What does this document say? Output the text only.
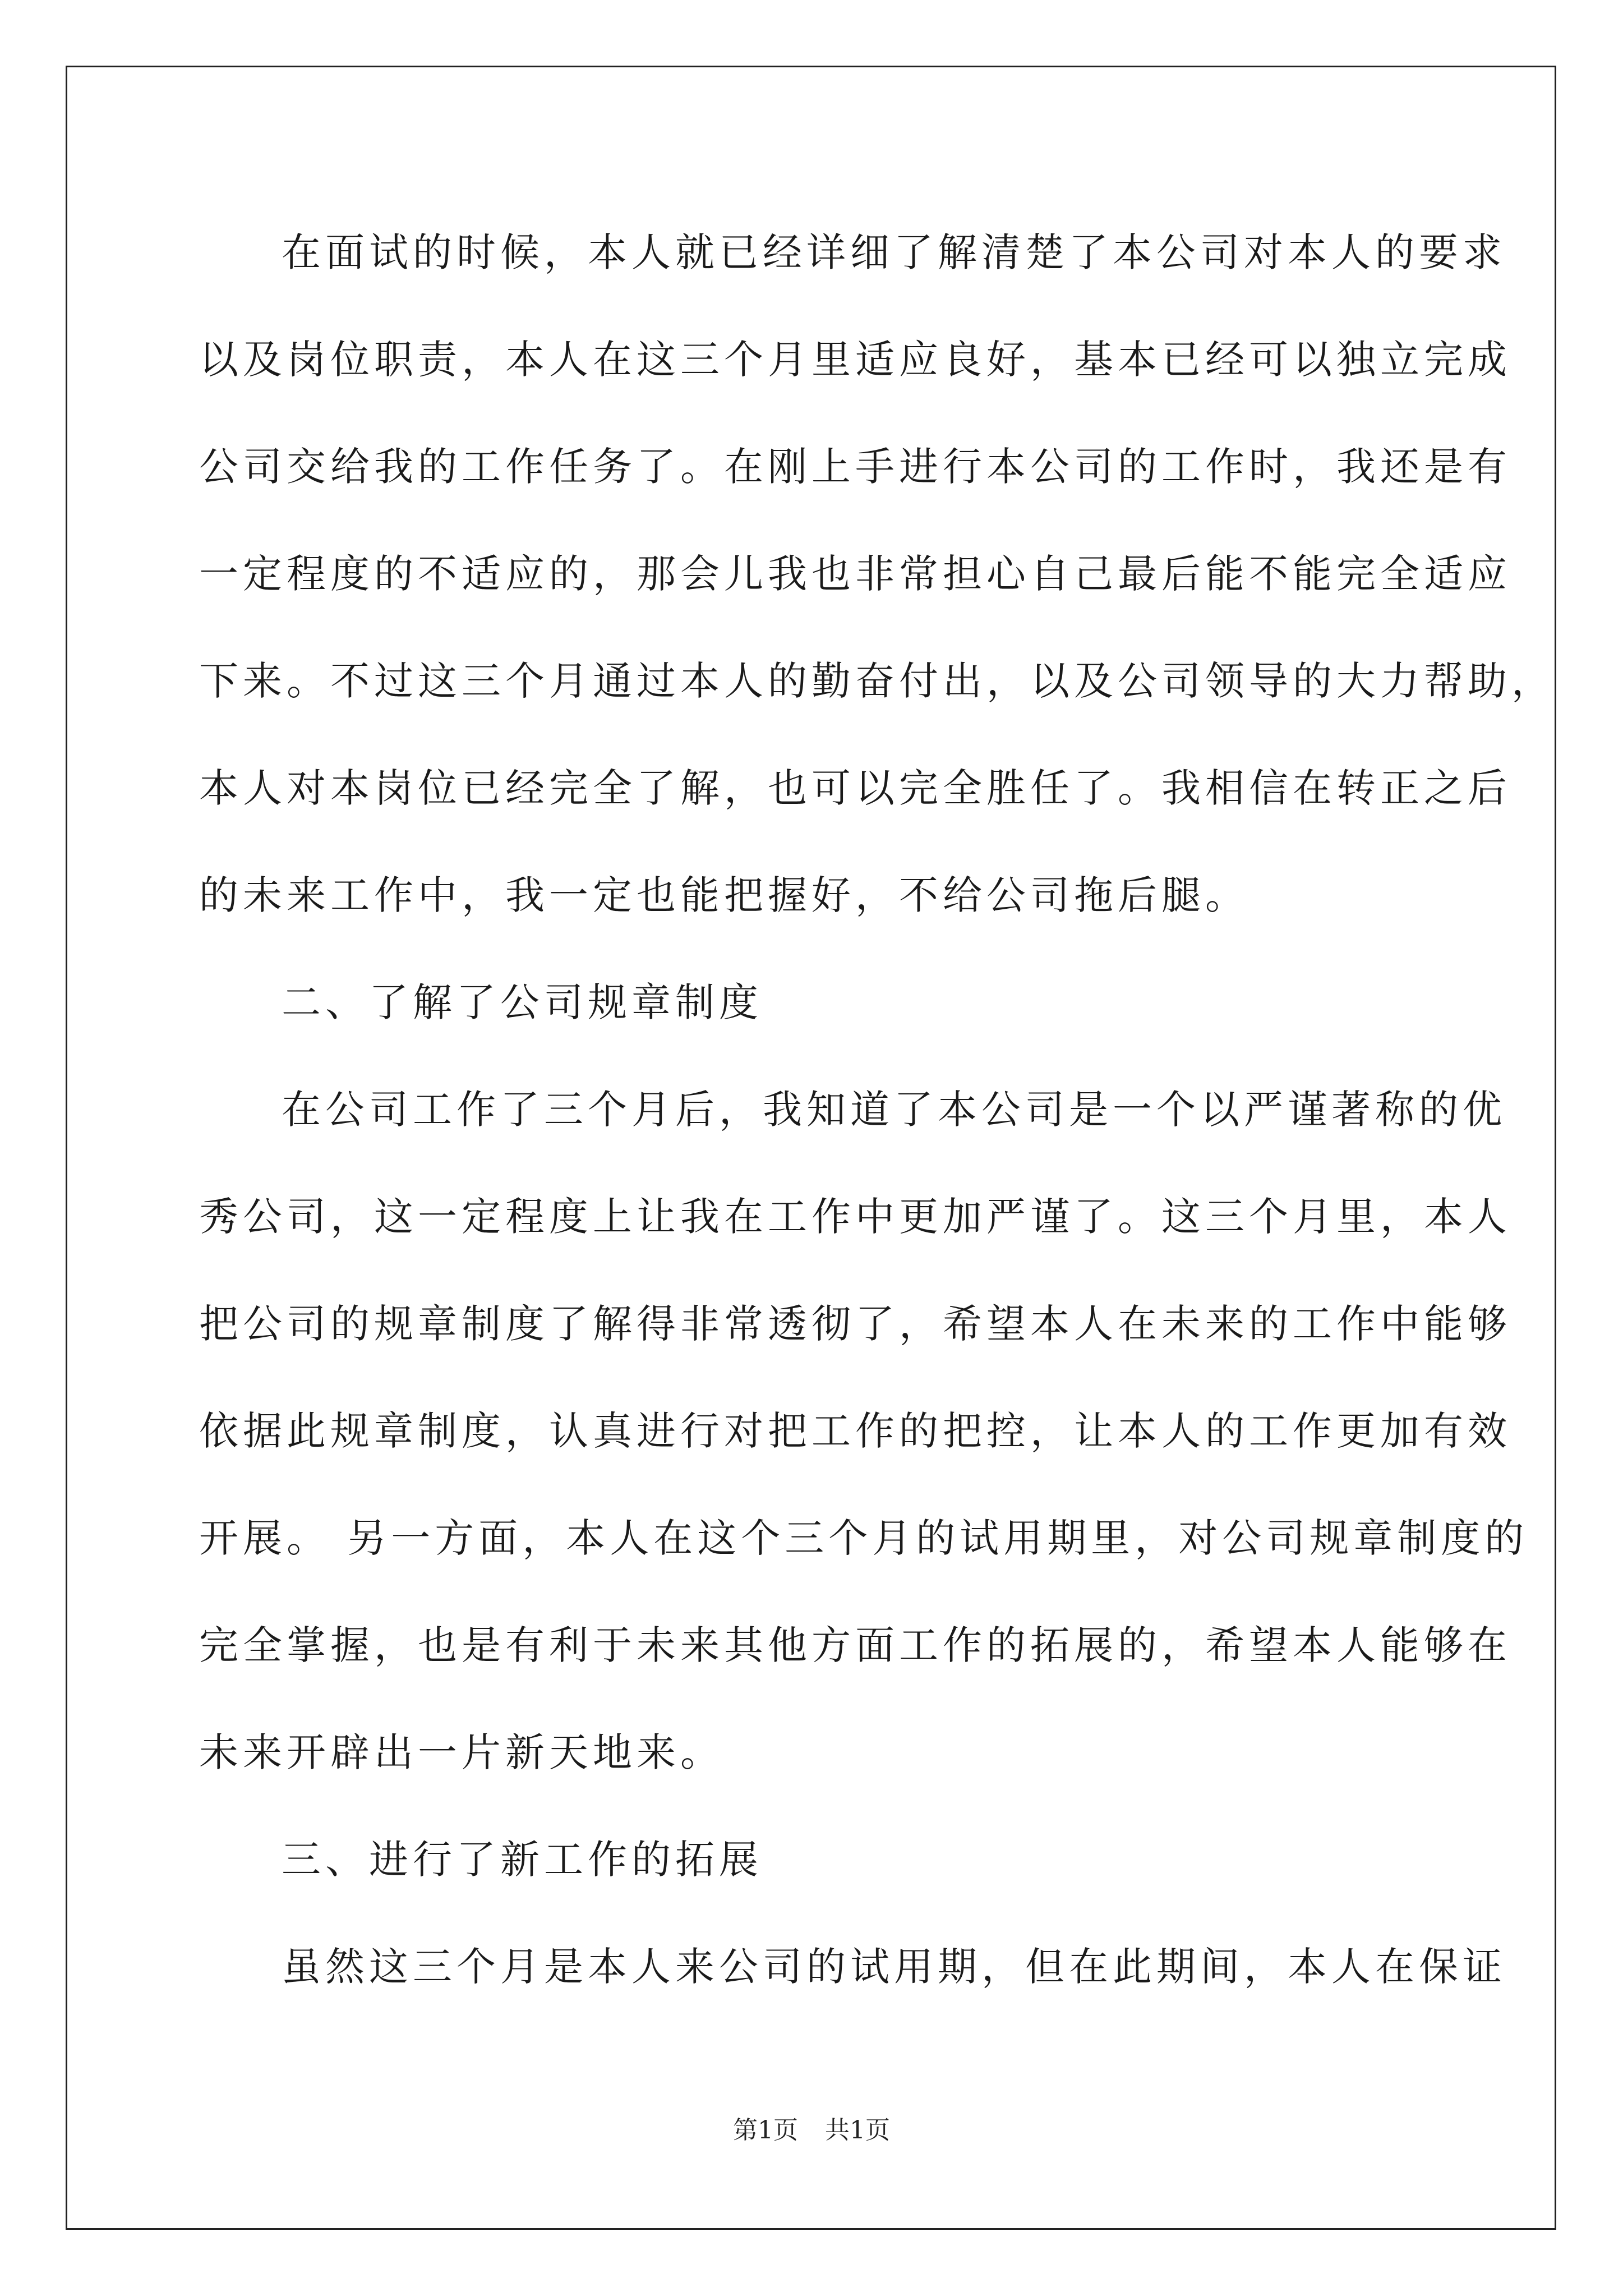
在面试的时候，本人就已经详细了解清楚了本公司对本人的要求
以及岗位职责，本人在这三个月里适应良好，基本已经可以独立完成
公司交给我的工作任务了。在刚上手进行本公司的工作时，我还是有
一定程度的不适应的，那会儿我也非常担心自己最后能不能完全适应
下来。不过这三个月通过本人的勤奋付出，以及公司领导的大力帮助，
本人对本岗位已经完全了解，也可以完全胜任了。我相信在转正之后
的未来工作中，我一定也能把握好，不给公司拖后腿。
二、了解了公司规章制度
在公司工作了三个月后，我知道了本公司是一个以严谨著称的优
秀公司，这一定程度上让我在工作中更加严谨了。这三个月里，本人
把公司的规章制度了解得非常透彻了，希望本人在未来的工作中能够
依据此规章制度，认真进行对把工作的把控，让本人的工作更加有效
开展。 另一方面，本人在这个三个月的试用期里，对公司规章制度的
完全掌握，也是有利于未来其他方面工作的拓展的，希望本人能够在
未来开辟出一片新天地来。
三、进行了新工作的拓展
虽然这三个月是本人来公司的试用期，但在此期间，本人在保证
第1页 共1页
